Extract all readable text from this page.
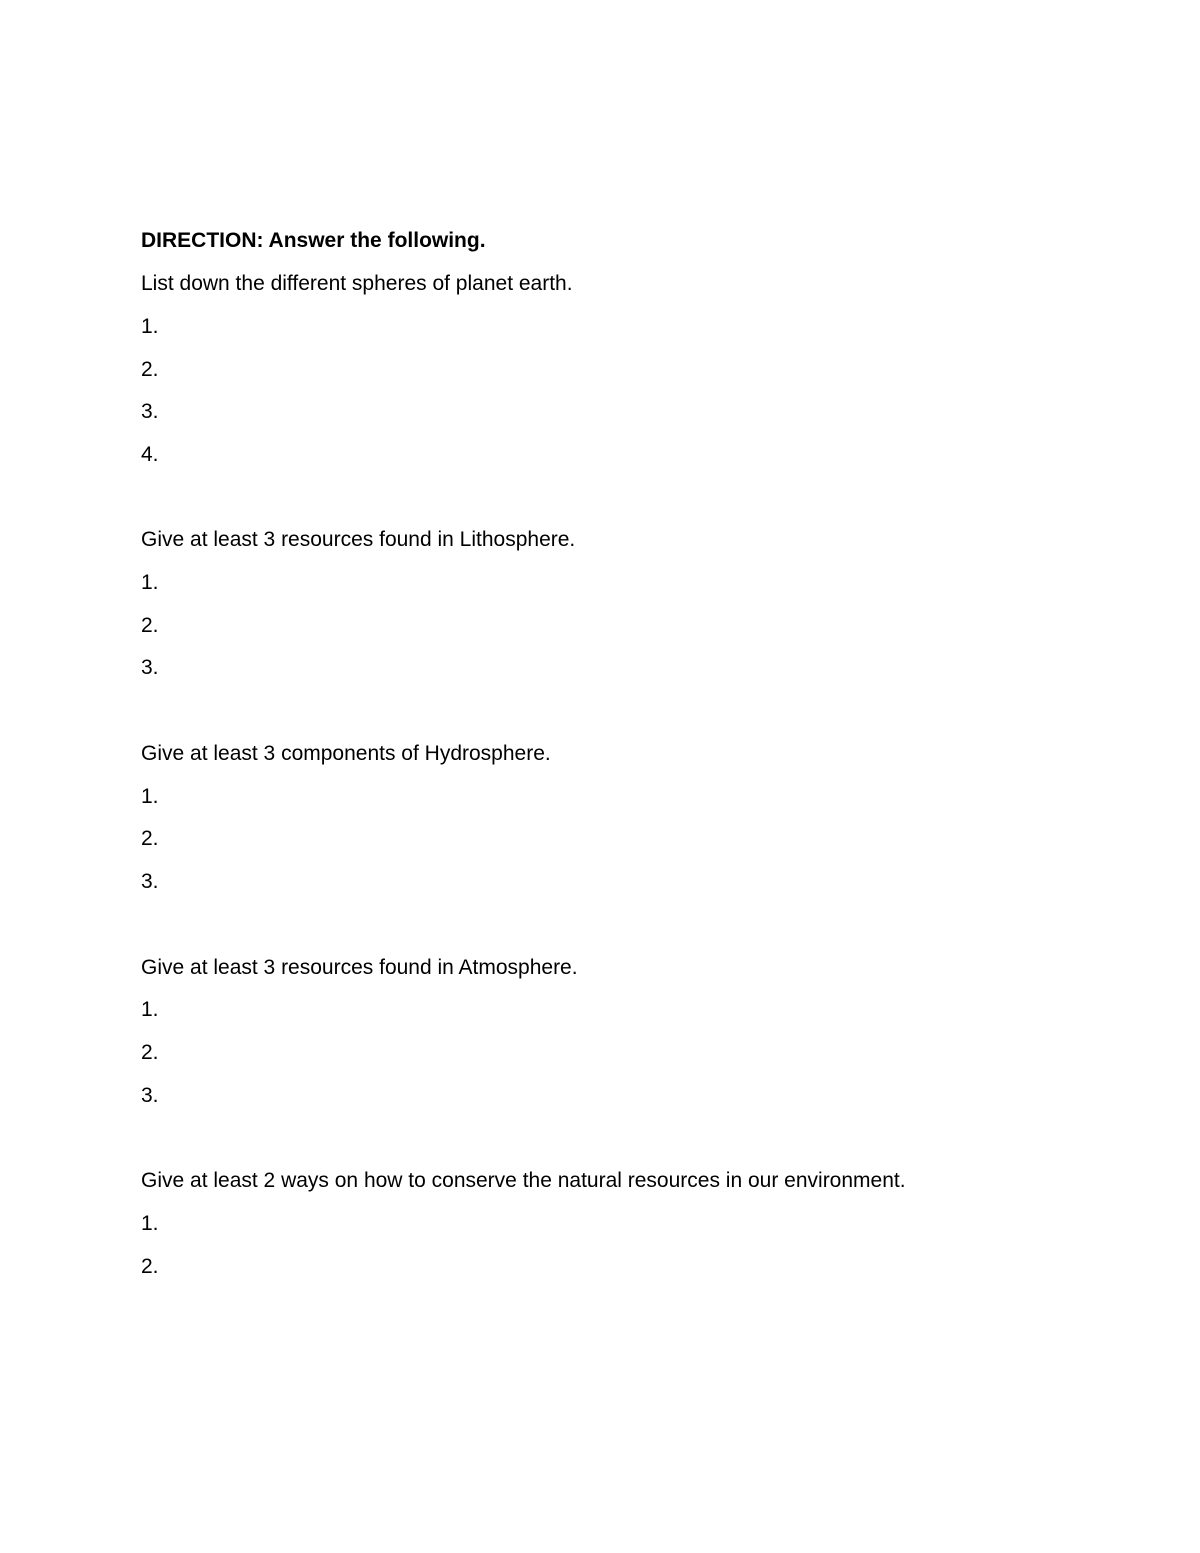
DIRECTION: Answer the following.
List down the different spheres of planet earth.
1.
2.
3.
4.
Give at least 3 resources found in Lithosphere.
1.
2.
3.
Give at least 3 components of Hydrosphere.
1.
2.
3.
Give at least 3 resources found in Atmosphere.
1.
2.
3.
Give at least 2 ways on how to conserve the natural resources in our environment.
1.
2.
